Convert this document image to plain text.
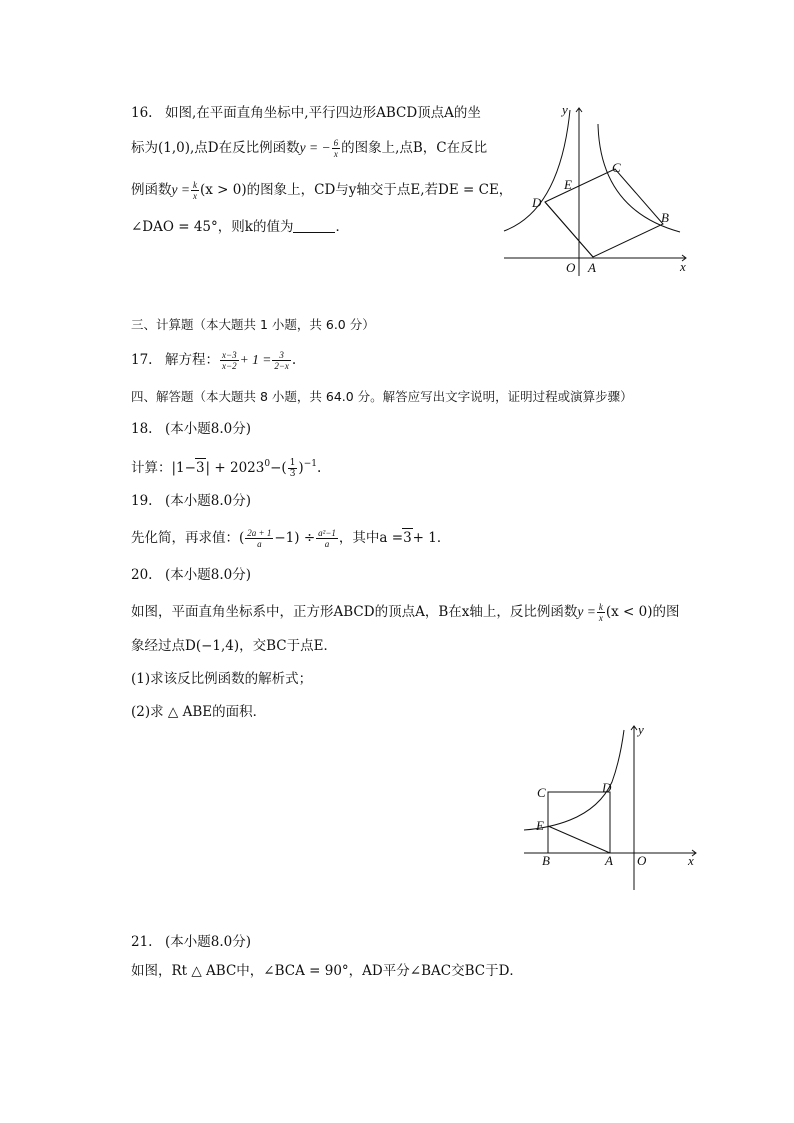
16. 如图,在平面直角坐标中,平行四边形ABCD顶点A的坐
标为(1,0),点D在反比例函数y = − $\frac{6}{x}$ 的图象上,点B，C在反比
例函数$y = \frac{k}{x} (x > 0)$的图象上，CD与y轴交于点E,若DE = CE，
∠DAO = 45°，则k的值为	．
y
x
O A
B
C
D
E
三、计算题（本大题共 1 小题，共 6.0 分）
17. 解方程： $\frac{x-3}{x-2} + 1 = \frac{3}{2-x}$ .
四、解答题（本大题共 8 小题，共 64.0 分。解答应写出文字说明，证明过程或演算步骤）
18. (本小题8.0分)
计算：$|1-3| + 2023^0-( \frac{1}{3} )^{-1}$.
19. (本小题8.0分)
先化简，再求值：( $\frac{2a + 1}{a} -1) \div \frac{\text{a²−1}}{a}$ ，其中a =3+ 1．
20. (本小题8.0分)
如图，平面直角坐标系中，正方形ABCD的顶点A，B在x轴上，反比例函数$y = \frac{k}{x} (x < 0)$的图
象经过点D(−1,4)，交BC于点E．
(1)求该反比例函数的解析式；
(2)求 △ ABE的面积．
y
x
O
A
B
C	D
E
21. (本小题8.0分)
如图，Rt △ ABC中，∠BCA = 90°，AD平分∠BAC交BC于D．
